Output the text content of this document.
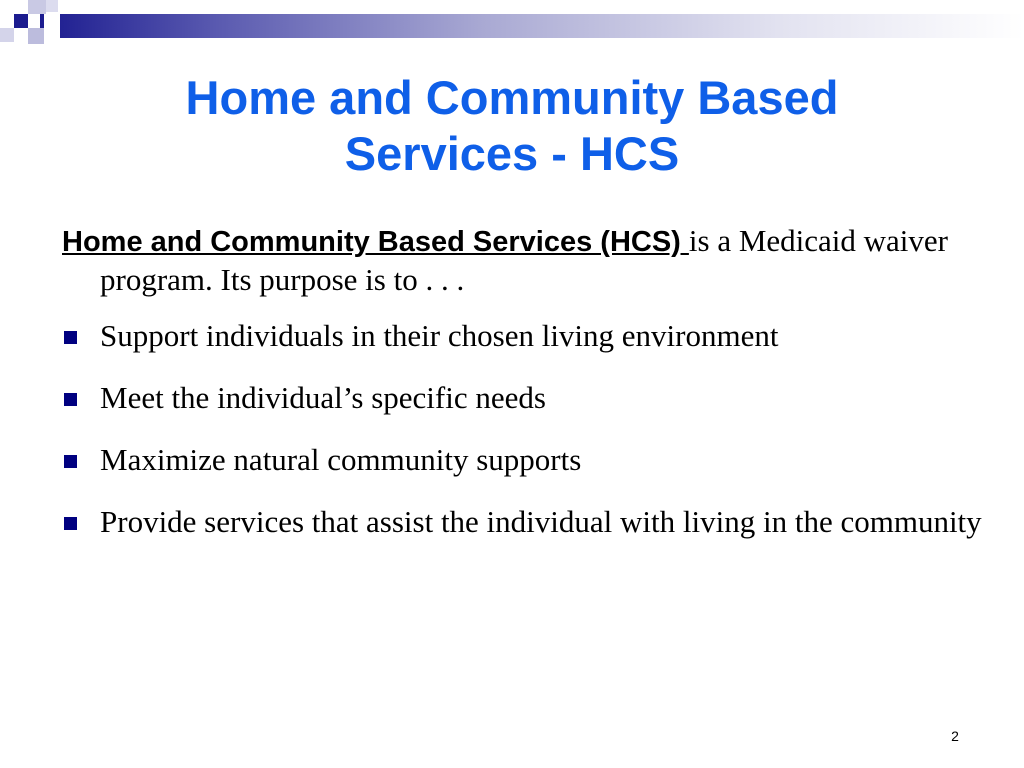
Home and Community Based
Services - HCS
Home and Community Based Services (HCS) is a Medicaid waiver program. Its purpose is to . . .
Support individuals in their chosen living environment
Meet the individual’s specific needs
Maximize natural community supports
Provide services that assist the individual with living in the community
2
